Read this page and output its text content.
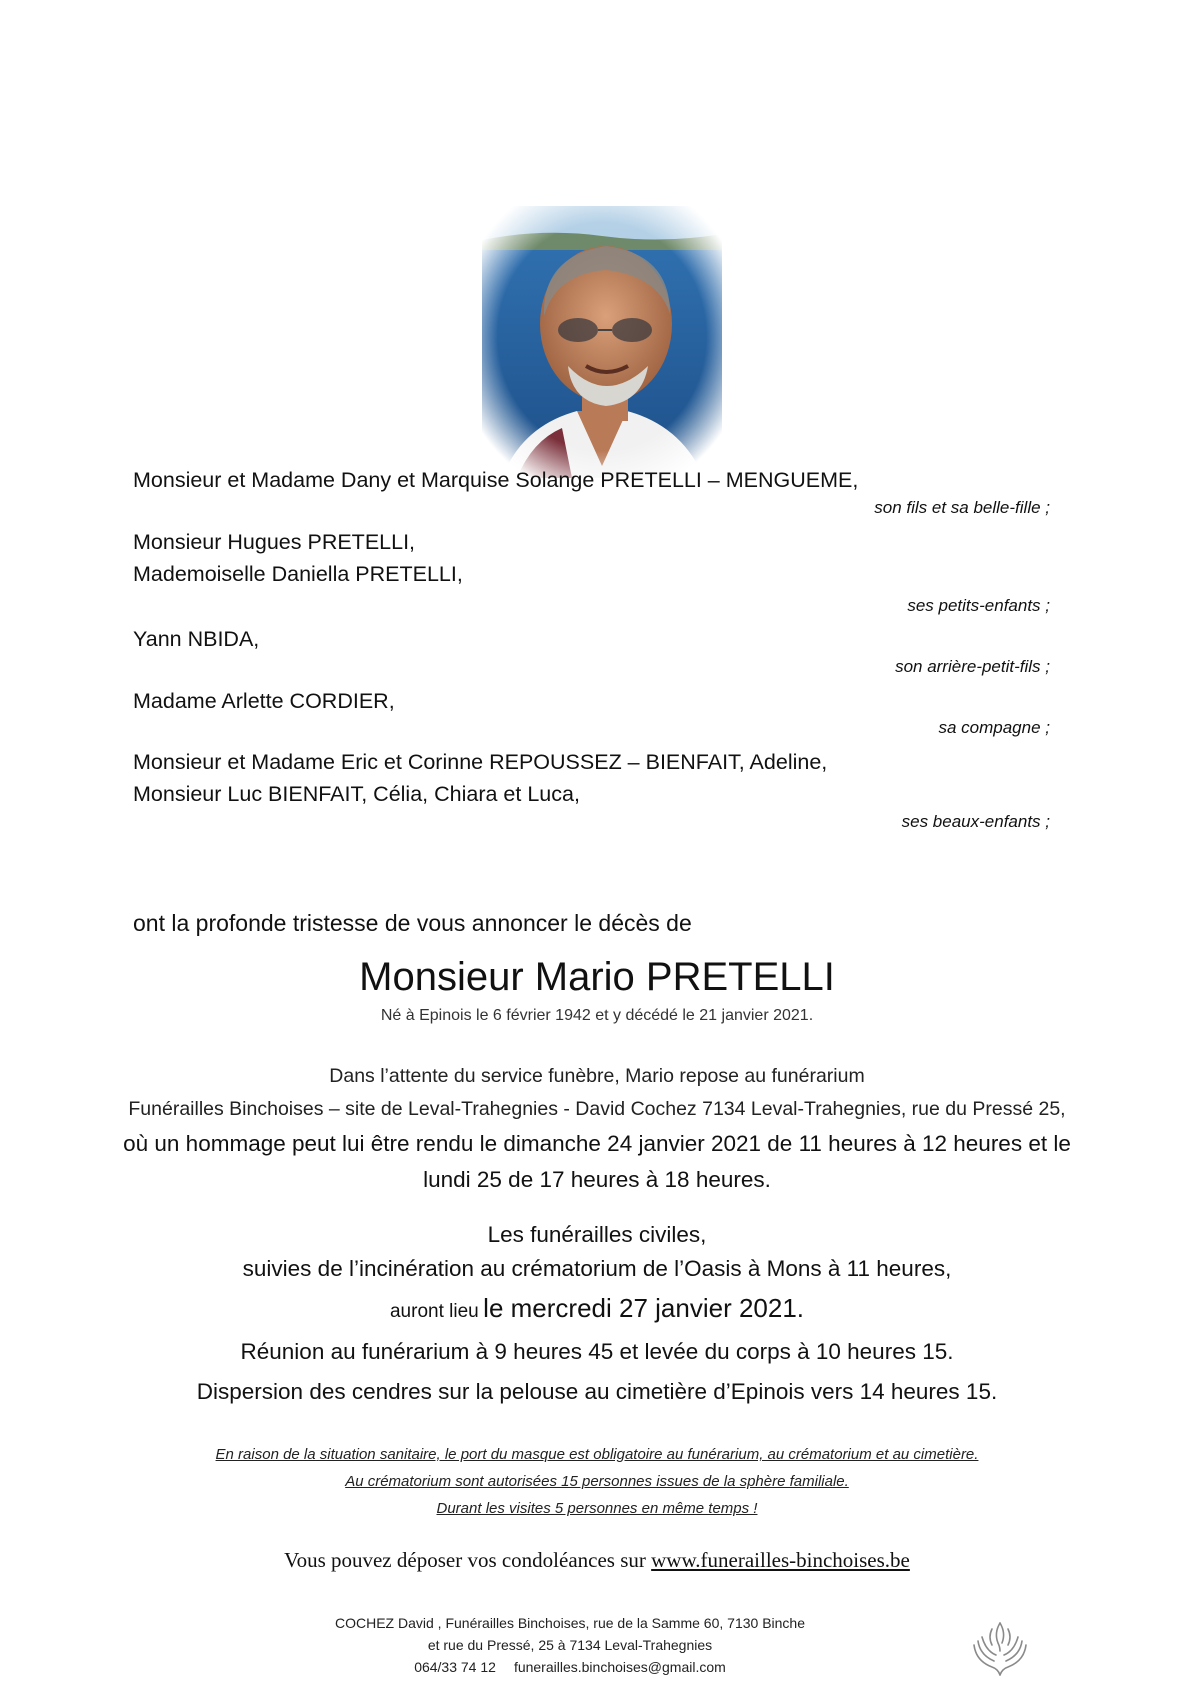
Monsieur et Madame Dany et Marquise Solange PRETELLI – MENGUEME,
son fils et sa belle-fille ;
Monsieur Hugues PRETELLI,
Mademoiselle Daniella PRETELLI,
ses petits-enfants ;
Yann NBIDA,
son arrière-petit-fils ;
Madame Arlette CORDIER,
sa compagne ;
Monsieur et Madame Eric et Corinne REPOUSSEZ – BIENFAIT, Adeline,
Monsieur Luc BIENFAIT, Célia, Chiara et Luca,
ses beaux-enfants ;
ont la profonde tristesse de vous annoncer le décès de
Monsieur Mario PRETELLI
Né à Epinois le 6 février 1942 et y décédé le 21 janvier 2021.
Dans l’attente du service funèbre, Mario repose au funérarium
Funérailles Binchoises – site de Leval-Trahegnies - David Cochez 7134 Leval-Trahegnies, rue du Pressé 25,
où un hommage peut lui être rendu le dimanche 24 janvier 2021 de 11 heures à 12 heures et le
lundi 25 de 17 heures à 18 heures.
Les funérailles civiles,
suivies de l’incinération au crématorium de l’Oasis à Mons à 11 heures,
auront lieu le mercredi 27 janvier 2021.
Réunion au funérarium à 9 heures 45 et levée du corps à 10 heures 15.
Dispersion des cendres sur la pelouse au cimetière d’Epinois vers 14 heures 15.
En raison de la situation sanitaire, le port du masque est obligatoire au funérarium, au crématorium et au cimetière.
Au crématorium sont autorisées 15 personnes issues de la sphère familiale.
Durant les visites 5 personnes en même temps !
Vous pouvez déposer vos condoléances sur www.funerailles-binchoises.be
COCHEZ David , Funérailles Binchoises, rue de la Samme 60, 7130 Binche
et rue du Pressé, 25 à 7134 Leval-Trahegnies
064/33 74 12 funerailles.binchoises@gmail.com
